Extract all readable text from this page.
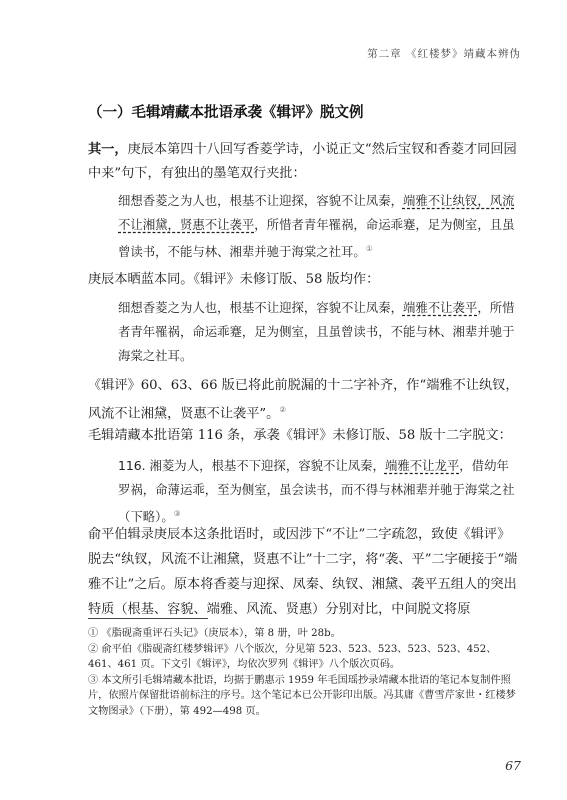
第二章 《红楼梦》靖藏本辨伪
（一）毛辑靖藏本批语承袭《辑评》脱文例

其一，庚辰本第四十八回写香菱学诗，小说正文“然后宝钗和香菱才同回园中来”句下，有独出的墨笔双行夹批：

细想香菱之为人也，根基不让迎探，容貌不让凤秦，端雅不让纨钗，风流不让湘黛，贤惠不让袭平，所惜者青年罹祸，命运乖蹇，足为侧室，且虽曾读书，不能与林、湘辈并驰于海棠之社耳。①

庚辰本晒蓝本同。《辑评》未修订版、58 版均作：

细想香菱之为人也，根基不让迎探，容貌不让凤秦，端雅不让袭平，所惜者青年罹祸，命运乖蹇，足为侧室，且虽曾读书，不能与林、湘辈并驰于海棠之社耳。

《辑评》60、63、66 版已将此前脱漏的十二字补齐，作“端雅不让纨钗，风流不让湘黛，贤惠不让袭平”。②

毛辑靖藏本批语第 116 条，承袭《辑评》未修订版、58 版十二字脱文：

116. 湘菱为人，根基不下迎探，容貌不让凤秦，端雅不让龙平，借幼年罗祸，命薄运乖，至为侧室，虽会读书，而不得与林湘辈并驰于海棠之社（下略）。③

俞平伯辑录庚辰本这条批语时，或因涉下“不让”二字疏忽，致使《辑评》脱去“纨钗，风流不让湘黛，贤惠不让”十二字，将“袭、平”二字硬接于“端雅不让”之后。原本将香菱与迎探、凤秦、纨钗、湘黛、袭平五组人的突出特质（根基、容貌、端雅、风流、贤惠）分别对比，中间脱文将原

① 《脂砚斋重评石头记》（庚辰本），第 8 册，叶 28b。

② 俞平伯《脂砚斋红楼梦辑评》八个版次，分见第 523、523、523、523、523、452、461、461 页。下文引《辑评》，均依次罗列《辑评》八个版次页码。

③ 本文所引毛辑靖藏本批语，均据于鹏惠示 1959 年毛国瑶抄录靖藏本批语的笔记本复制件照片，依照片保留批语前标注的序号。这个笔记本已公开影印出版。冯其庸《曹雪芹家世・红楼梦文物图录》（下册），第 492—498 页。

67
